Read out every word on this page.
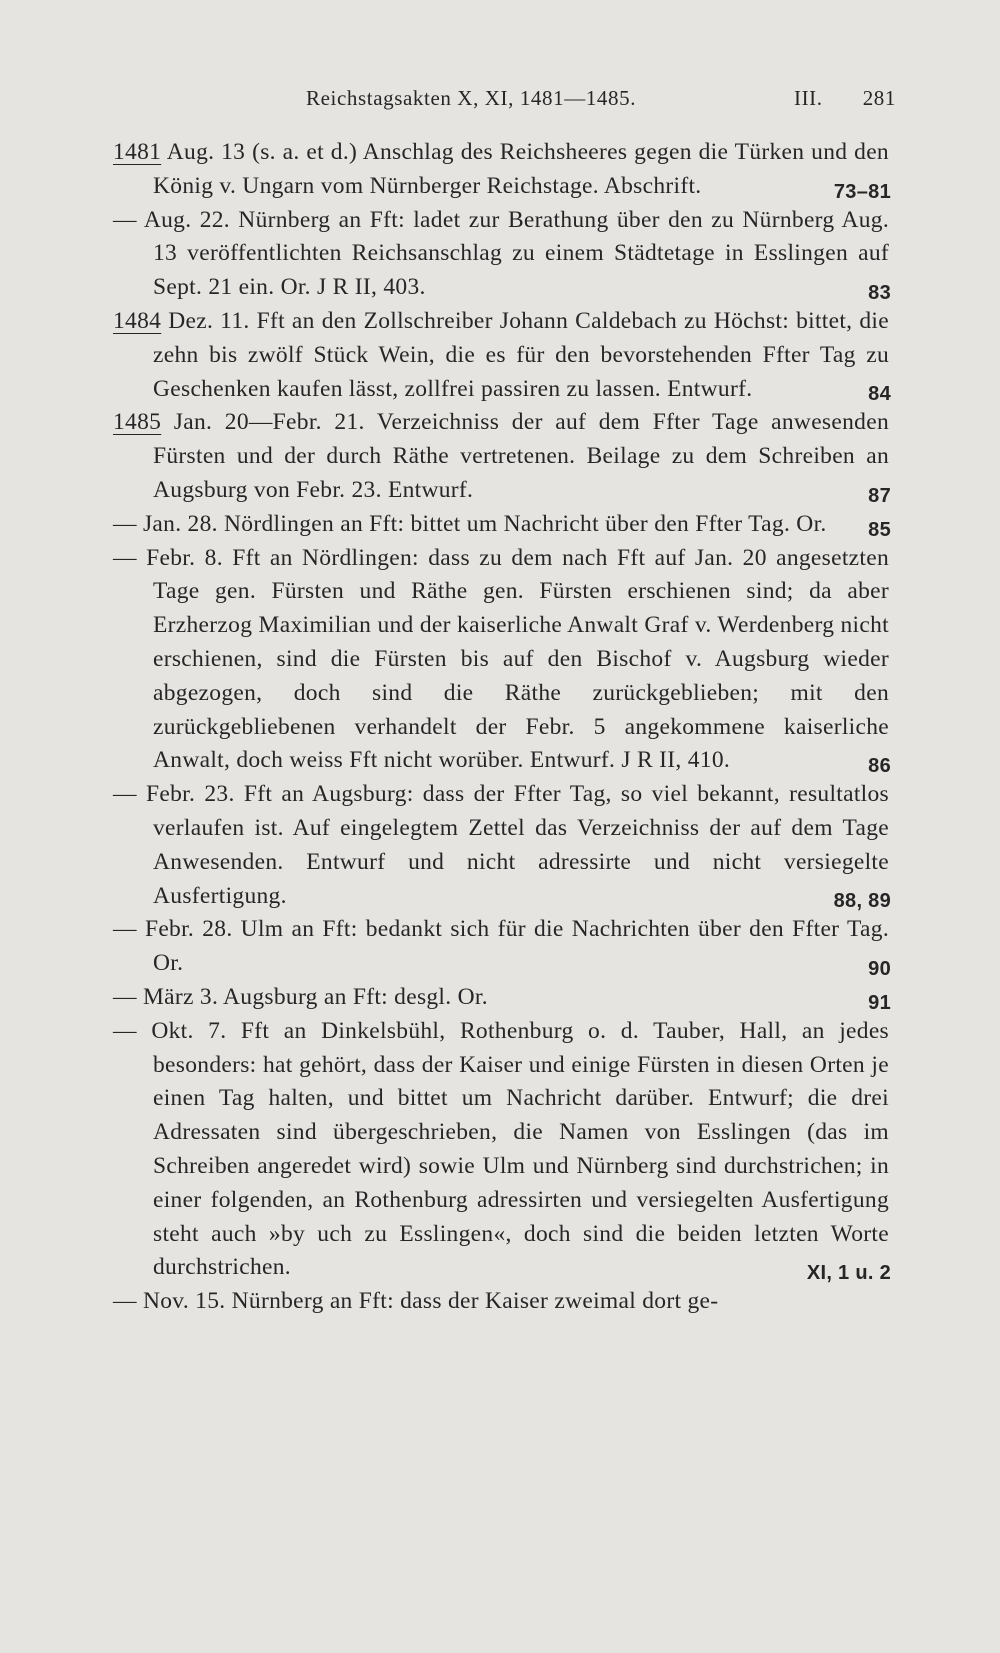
Reichstagsakten X, XI, 1481—1485.	III. 281

1481 Aug. 13 (s. a. et d.) Anschlag des Reichsheeres gegen die Türken und den König v. Ungarn vom Nürnberger Reichstage. Abschrift.	73–81

— Aug. 22. Nürnberg an Fft: ladet zur Berathung über den zu Nürnberg Aug. 13 veröffentlichten Reichsanschlag zu einem Städtetage in Esslingen auf Sept. 21 ein. Or. J R II, 403.	83

1484 Dez. 11. Fft an den Zollschreiber Johann Caldebach zu Höchst: bittet, die zehn bis zwölf Stück Wein, die es für den bevorstehenden Ffter Tag zu Geschenken kaufen lässt, zollfrei passiren zu lassen. Entwurf.	84

1485 Jan. 20—Febr. 21. Verzeichniss der auf dem Ffter Tage anwesenden Fürsten und der durch Räthe vertretenen. Beilage zu dem Schreiben an Augsburg von Febr. 23. Entwurf.	87

— Jan. 28. Nördlingen an Fft: bittet um Nachricht über den Ffter Tag. Or.	85

— Febr. 8. Fft an Nördlingen: dass zu dem nach Fft auf Jan. 20 angesetzten Tage gen. Fürsten und Räthe gen. Fürsten erschienen sind; da aber Erzherzog Maximilian und der kaiserliche Anwalt Graf v. Werdenberg nicht erschienen, sind die Fürsten bis auf den Bischof v. Augsburg wieder abgezogen, doch sind die Räthe zurückgeblieben; mit den zurückgebliebenen verhandelt der Febr. 5 angekommene kaiserliche Anwalt, doch weiss Fft nicht worüber. Entwurf. J R II, 410.	86

— Febr. 23. Fft an Augsburg: dass der Ffter Tag, so viel bekannt, resultatlos verlaufen ist. Auf eingelegtem Zettel das Verzeichniss der auf dem Tage Anwesenden. Entwurf und nicht adressirte und nicht versiegelte Ausfertigung.	88, 89

— Febr. 28. Ulm an Fft: bedankt sich für die Nachrichten über den Ffter Tag. Or.	90

— März 3. Augsburg an Fft: desgl. Or.	91

— Okt. 7. Fft an Dinkelsbühl, Rothenburg o. d. Tauber, Hall, an jedes besonders: hat gehört, dass der Kaiser und einige Fürsten in diesen Orten je einen Tag halten, und bittet um Nachricht darüber. Entwurf; die drei Adressaten sind übergeschrieben, die Namen von Esslingen (das im Schreiben angeredet wird) sowie Ulm und Nürnberg sind durchstrichen; in einer folgenden, an Rothenburg adressirten und versiegelten Ausfertigung steht auch »by uch zu Esslingen«, doch sind die beiden letzten Worte durchstrichen.	XI, 1 u. 2

— Nov. 15. Nürnberg an Fft: dass der Kaiser zweimal dort ge-
